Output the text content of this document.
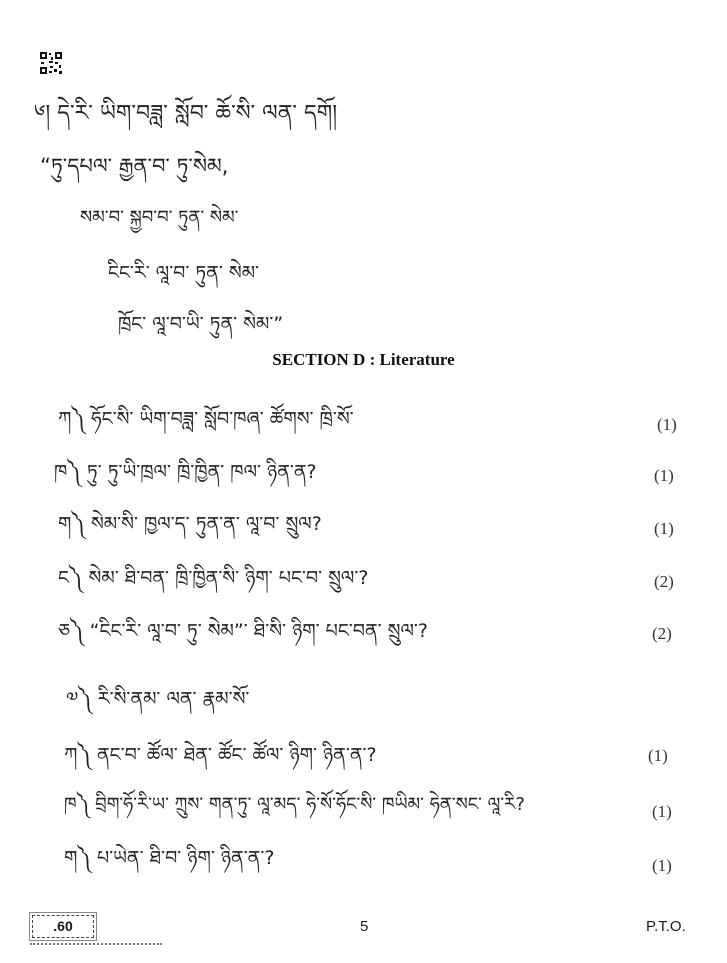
༦། དེ་རི་ ཡིག་བཟླ་ སློབ་ ཆོ་སི་ ལན་ དགོ།
“ཏུ་དཔལ་ རྒྱན་བ་ ཏུ་སེམ,
སམ་བ་ སྐྱབ་བ་ ཏུན་ སེམ་
ངིང་རི་ ལཱ་བ་ ཏུན་ སེམ་
ཁྲོང་ ལཱ་བ་ཡི་ ཏུན་ སེམ་”
SECTION D : Literature
ཀ༽ ཧོང་སི་ ཡིག་བཟླ་ སློབ་ཁཞ་ ཚོགས་ ཁྲི་སོ་	(1)
ཁ༽ ཏུ་ ཏུ་ཡི་ཁྲལ་ ཁྲི་ཁྱིན་ ཁལ་ ཉིན་ན?	(1)
ག༽ སེམ་སི་ ཁྱལ་ད་ ཏུན་ན་ ལཱ་བ་ སྲུལ?	(1)
ང༽ སེམ་ ཐི་བན་ ཁྲི་ཁྱིན་སི་ ཉིག་ པང་བ་ སྲུལ་?	(2)
ཅ༽ “ངིང་རི་ ལཱ་བ་ ཏུ་ སེམ”་ ཐི་སི་ ཉིག་ པང་བན་ སྲུལ་?	(2)
༧༽ རི་སི་ནམ་ ལན་ རྣམ་སོ་
ཀ༽ ནང་བ་ ཚོལ་ ཐེན་ ཚོང་ ཚོལ་ ཉིག་ ཉིན་ན་?	(1)
ཁ༽ བྲིག་ཧོ་རི་ཡ་ ཀྲུས་ གན་ཏུ་ ལཱ་མད་ ཧེ་སོ་ཧོང་སི་ ཁཡིམ་ ཧེན་སང་ ལཱ་རི?	(1)
ག༽ པ་ཡེན་ ཐི་བ་ ཉིག་ ཉིན་ན་?	(1)
.60	5	P.T.O.
